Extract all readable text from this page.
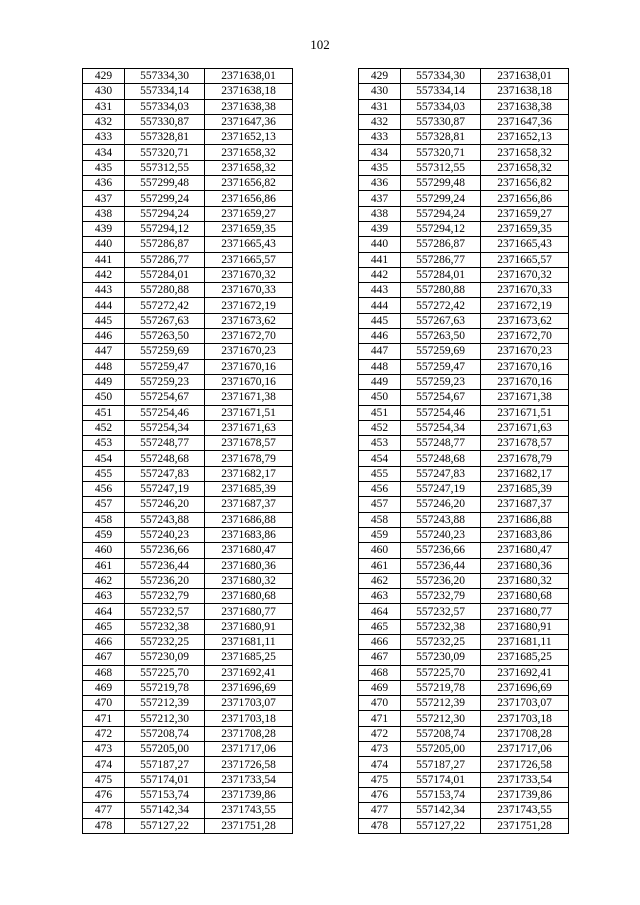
102
429	557334,30	2371638,01
430	557334,14	2371638,18
431	557334,03	2371638,38
432	557330,87	2371647,36
433	557328,81	2371652,13
434	557320,71	2371658,32
435	557312,55	2371658,32
436	557299,48	2371656,82
437	557299,24	2371656,86
438	557294,24	2371659,27
439	557294,12	2371659,35
440	557286,87	2371665,43
441	557286,77	2371665,57
442	557284,01	2371670,32
443	557280,88	2371670,33
444	557272,42	2371672,19
445	557267,63	2371673,62
446	557263,50	2371672,70
447	557259,69	2371670,23
448	557259,47	2371670,16
449	557259,23	2371670,16
450	557254,67	2371671,38
451	557254,46	2371671,51
452	557254,34	2371671,63
453	557248,77	2371678,57
454	557248,68	2371678,79
455	557247,83	2371682,17
456	557247,19	2371685,39
457	557246,20	2371687,37
458	557243,88	2371686,88
459	557240,23	2371683,86
460	557236,66	2371680,47
461	557236,44	2371680,36
462	557236,20	2371680,32
463	557232,79	2371680,68
464	557232,57	2371680,77
465	557232,38	2371680,91
466	557232,25	2371681,11
467	557230,09	2371685,25
468	557225,70	2371692,41
469	557219,78	2371696,69
470	557212,39	2371703,07
471	557212,30	2371703,18
472	557208,74	2371708,28
473	557205,00	2371717,06
474	557187,27	2371726,58
475	557174,01	2371733,54
476	557153,74	2371739,86
477	557142,34	2371743,55
478	557127,22	2371751,28
429	557334,30	2371638,01
430	557334,14	2371638,18
431	557334,03	2371638,38
432	557330,87	2371647,36
433	557328,81	2371652,13
434	557320,71	2371658,32
435	557312,55	2371658,32
436	557299,48	2371656,82
437	557299,24	2371656,86
438	557294,24	2371659,27
439	557294,12	2371659,35
440	557286,87	2371665,43
441	557286,77	2371665,57
442	557284,01	2371670,32
443	557280,88	2371670,33
444	557272,42	2371672,19
445	557267,63	2371673,62
446	557263,50	2371672,70
447	557259,69	2371670,23
448	557259,47	2371670,16
449	557259,23	2371670,16
450	557254,67	2371671,38
451	557254,46	2371671,51
452	557254,34	2371671,63
453	557248,77	2371678,57
454	557248,68	2371678,79
455	557247,83	2371682,17
456	557247,19	2371685,39
457	557246,20	2371687,37
458	557243,88	2371686,88
459	557240,23	2371683,86
460	557236,66	2371680,47
461	557236,44	2371680,36
462	557236,20	2371680,32
463	557232,79	2371680,68
464	557232,57	2371680,77
465	557232,38	2371680,91
466	557232,25	2371681,11
467	557230,09	2371685,25
468	557225,70	2371692,41
469	557219,78	2371696,69
470	557212,39	2371703,07
471	557212,30	2371703,18
472	557208,74	2371708,28
473	557205,00	2371717,06
474	557187,27	2371726,58
475	557174,01	2371733,54
476	557153,74	2371739,86
477	557142,34	2371743,55
478	557127,22	2371751,28
